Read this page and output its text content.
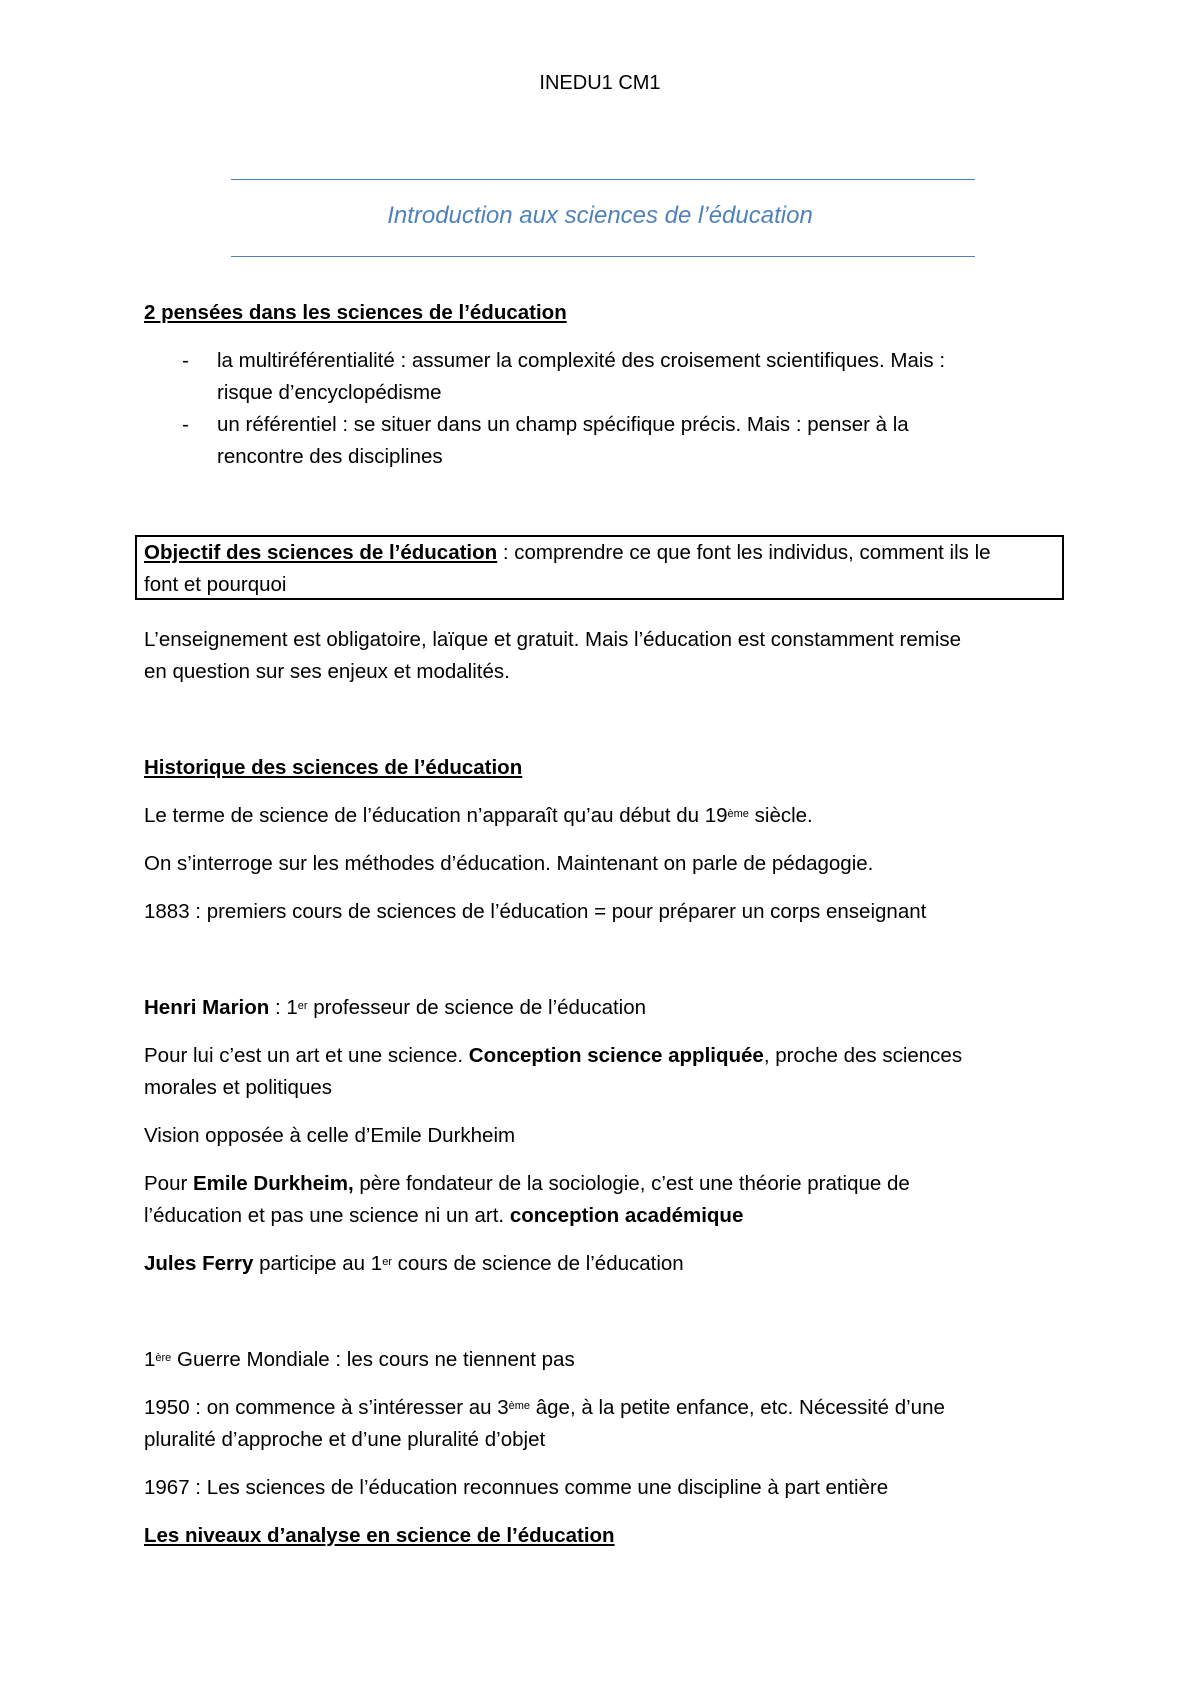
INEDU1 CM1
Introduction aux sciences de l’éducation
2 pensées dans les sciences de l’éducation
- la multiréférentialité : assumer la complexité des croisement scientifiques. Mais :
risque d’encyclopédisme
- un référentiel : se situer dans un champ spécifique précis. Mais : penser à la
rencontre des disciplines
Objectif des sciences de l’éducation : comprendre ce que font les individus, comment ils le
font et pourquoi
L’enseignement est obligatoire, laïque et gratuit. Mais l’éducation est constamment remise
en question sur ses enjeux et modalités.
Historique des sciences de l’éducation
Le terme de science de l’éducation n’apparaît qu’au début du 19ème siècle.
On s’interroge sur les méthodes d’éducation. Maintenant on parle de pédagogie.
1883 : premiers cours de sciences de l’éducation = pour préparer un corps enseignant
Henri Marion : 1er professeur de science de l’éducation
Pour lui c’est un art et une science. Conception science appliquée, proche des sciences
morales et politiques
Vision opposée à celle d’Emile Durkheim
Pour Emile Durkheim, père fondateur de la sociologie, c’est une théorie pratique de
l’éducation et pas une science ni un art. conception académique
Jules Ferry participe au 1er cours de science de l’éducation
1ère Guerre Mondiale : les cours ne tiennent pas
1950 : on commence à s’intéresser au 3ème âge, à la petite enfance, etc. Nécessité d’une
pluralité d’approche et d’une pluralité d’objet
1967 : Les sciences de l’éducation reconnues comme une discipline à part entière
Les niveaux d’analyse en science de l’éducation
